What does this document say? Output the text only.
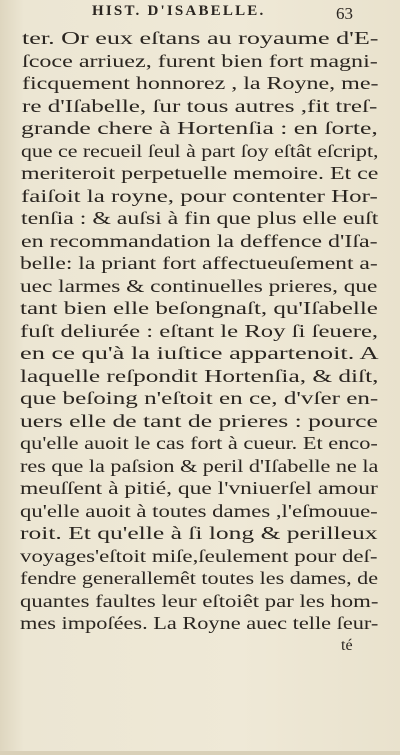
HIST. D'ISABELLE.	63
ter. Or eux eſtans au royaume d'E-
ſcoce arriuez, furent bien fort magni-
ficquement honnorez , la Royne, me-
re d'Iſabelle, ſur tous autres ,fit treſ-
grande chere à Hortenſia : en ſorte,
que ce recueil ſeul à part ſoy eſtât eſcript,
meriteroit perpetuelle memoire. Et ce
faiſoit la royne, pour contenter Hor-
tenſia : & auſsi à fin que plus elle euſt
en recommandation la deffence d'Iſa-
belle: la priant fort affectueuſement a-
uec larmes & continuelles prieres, que
tant bien elle beſongnaſt, qu'Iſabelle
fuſt deliurée : eſtant le Roy ſi ſeuere,
en ce qu'à la iuſtice appartenoit. A
laquelle reſpondit Hortenſia, & diſt,
que beſoing n'eſtoit en ce, d'vſer en-
uers elle de tant de prieres : pource
qu'elle auoit le cas fort à cueur. Et enco-
res que la paſsion & peril d'Iſabelle ne la
meuſſent à pitié, que l'vniuerſel amour
qu'elle auoit à toutes dames ,l'eſmouue-
roit. Et qu'elle à ſi long & perilleux
voyages'eſtoit miſe,ſeulement pour deſ-
fendre generallemêt toutes les dames, de
quantes faultes leur eſtoiêt par les hom-
mes impoſées. La Royne auec telle ſeur-
té
